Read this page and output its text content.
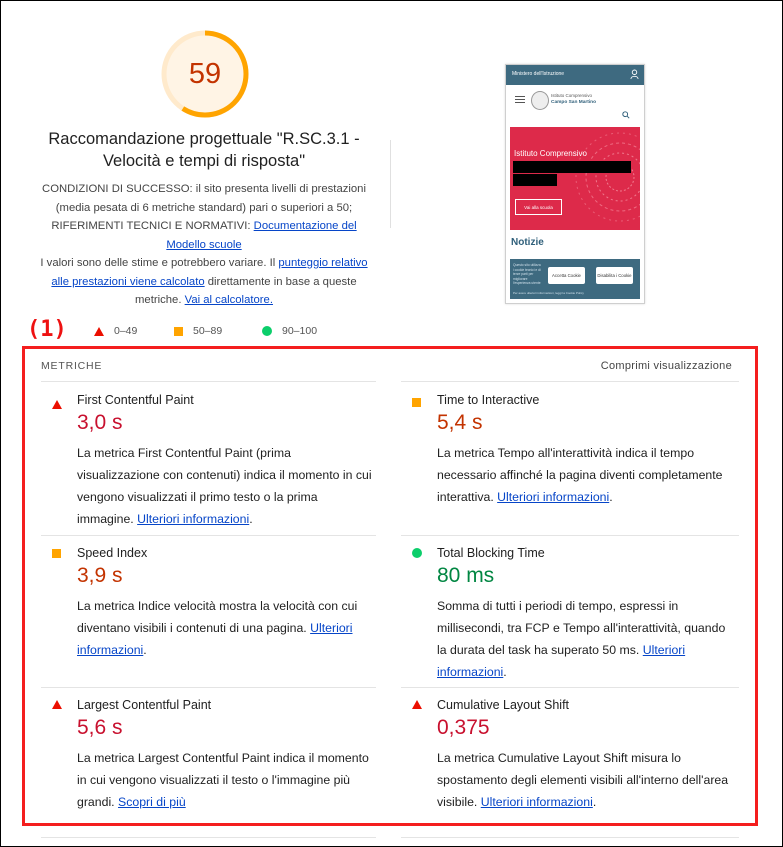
59
Raccomandazione progettuale "R.SC.3.1 - Velocità e tempi di risposta"
CONDIZIONI DI SUCCESSO: il sito presenta livelli di prestazioni (media pesata di 6 metriche standard) pari o superiori a 50; RIFERIMENTI TECNICI E NORMATIVI: Documentazione del Modello scuole
I valori sono delle stime e potrebbero variare. Il punteggio relativo alle prestazioni viene calcolato direttamente in base a queste metriche. Vai al calcolatore.
Ministero dell'Istruzione
Istituto Comprensivo
Campo San Martino
Istituto Comprensivo
Vai alla scuola
Notizie
Questo sito utilizza i cookie tecnici e di terze parti per migliorare l'esperienza utente
Accetta Cookie	Disabilita i Cookie
Per avere ulteriori informazioni, leggi la Cookie Policy
(1)	0–49	50–89	90–100
METRICHE	Comprimi visualizzazione
First Contentful Paint
3,0 s
La metrica First Contentful Paint (prima visualizzazione con contenuti) indica il momento in cui vengono visualizzati il primo testo o la prima immagine. Ulteriori informazioni.
Time to Interactive
5,4 s
La metrica Tempo all'interattività indica il tempo necessario affinché la pagina diventi completamente interattiva. Ulteriori informazioni.
Speed Index
3,9 s
La metrica Indice velocità mostra la velocità con cui diventano visibili i contenuti di una pagina. Ulteriori informazioni.
Total Blocking Time
80 ms
Somma di tutti i periodi di tempo, espressi in millisecondi, tra FCP e Tempo all'interattività, quando la durata del task ha superato 50 ms. Ulteriori informazioni.
Largest Contentful Paint
5,6 s
La metrica Largest Contentful Paint indica il momento in cui vengono visualizzati il testo o l'immagine più grandi. Scopri di più
Cumulative Layout Shift
0,375
La metrica Cumulative Layout Shift misura lo spostamento degli elementi visibili all'interno dell'area visibile. Ulteriori informazioni.
